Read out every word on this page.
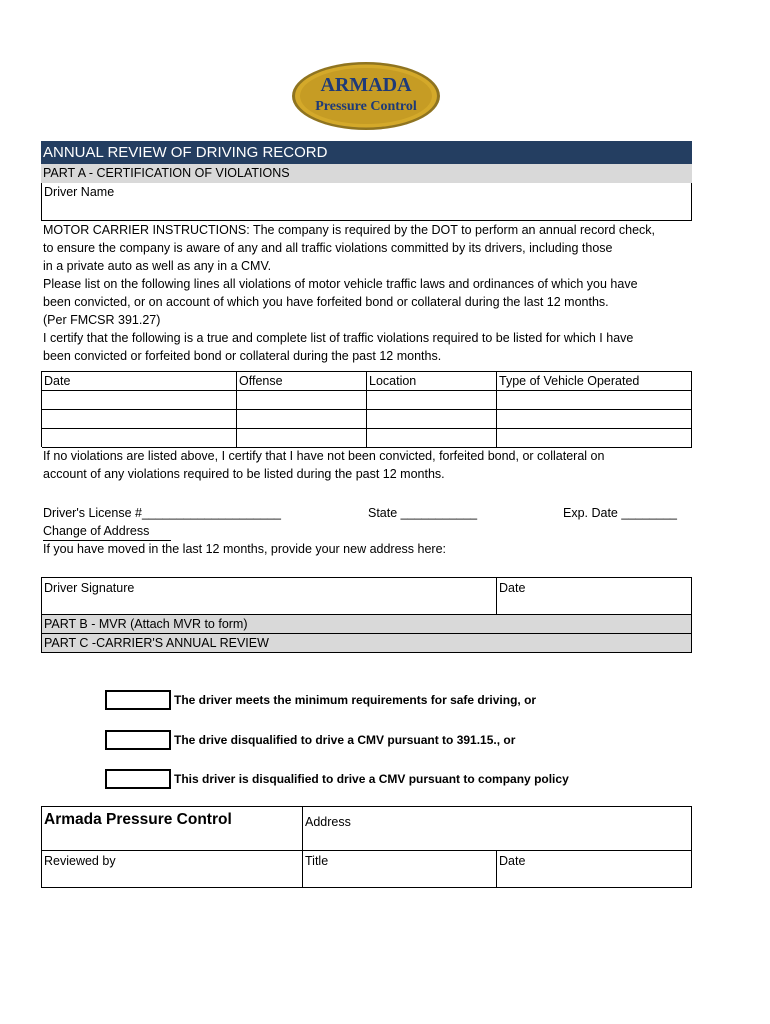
ARMADA
Pressure Control
ANNUAL REVIEW OF DRIVING RECORD
PART A - CERTIFICATION OF VIOLATIONS
Driver Name
MOTOR CARRIER INSTRUCTIONS: The company is required by the DOT to perform an annual record check,
to ensure the company is aware of any and all traffic violations committed by its drivers, including those
in a private auto as well as any in a CMV.
Please list on the following lines all violations of motor vehicle traffic laws and ordinances of which you have
been convicted, or on account of which you have forfeited bond or collateral during the last 12 months.
(Per FMCSR 391.27)
I certify that the following is a true and complete list of traffic violations required to be listed for which I have
been convicted or forfeited bond or collateral during the past 12 months.
Date	Offense	Location	Type of Vehicle Operated
If no violations are listed above, I certify that I have not been convicted, forfeited bond, or collateral on
account of any violations required to be listed during the past 12 months.
Driver's License #____________________	State ___________	Exp. Date ________
Change of Address
If you have moved in the last 12 months, provide your new address here:
Driver Signature	Date
PART B - MVR (Attach MVR to form)
PART C -CARRIER'S ANNUAL REVIEW
The driver meets the minimum requirements for safe driving, or
The drive disqualified to drive a CMV pursuant to 391.15., or
This driver is disqualified to drive a CMV pursuant to company policy
Armada Pressure Control	Address
Reviewed by	Title	Date
